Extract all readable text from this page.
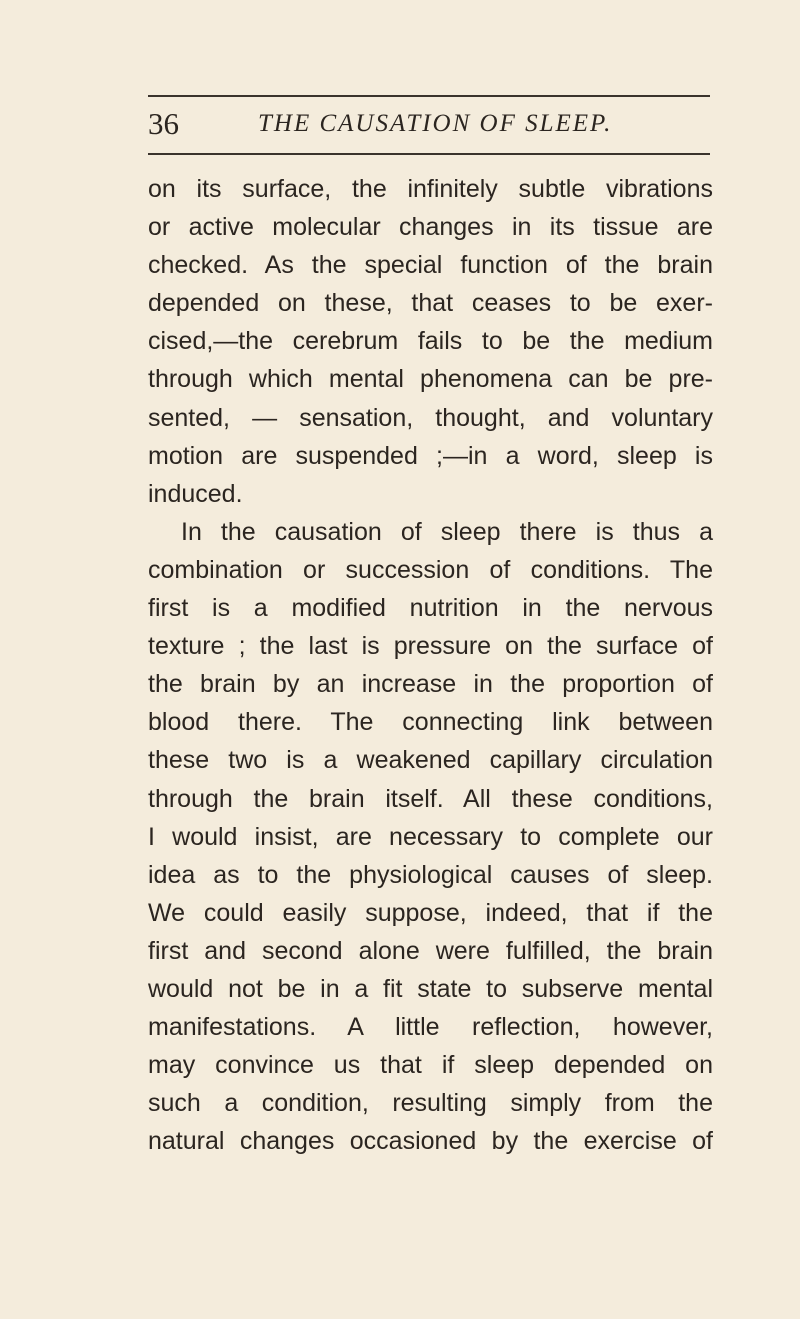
36	THE CAUSATION OF SLEEP.
on its surface, the infinitely subtle vibrations
or active molecular changes in its tissue are
checked. As the special function of the brain
depended on these, that ceases to be exer-
cised,—the cerebrum fails to be the medium
through which mental phenomena can be pre-
sented, — sensation, thought, and voluntary
motion are suspended ;—in a word, sleep is
induced.
In the causation of sleep there is thus a
combination or succession of conditions. The
first is a modified nutrition in the nervous
texture ; the last is pressure on the surface of
the brain by an increase in the proportion of
blood there. The connecting link between
these two is a weakened capillary circulation
through the brain itself. All these conditions,
I would insist, are necessary to complete our
idea as to the physiological causes of sleep.
We could easily suppose, indeed, that if the
first and second alone were fulfilled, the brain
would not be in a fit state to subserve mental
manifestations. A little reflection, however,
may convince us that if sleep depended on
such a condition, resulting simply from the
natural changes occasioned by the exercise of
